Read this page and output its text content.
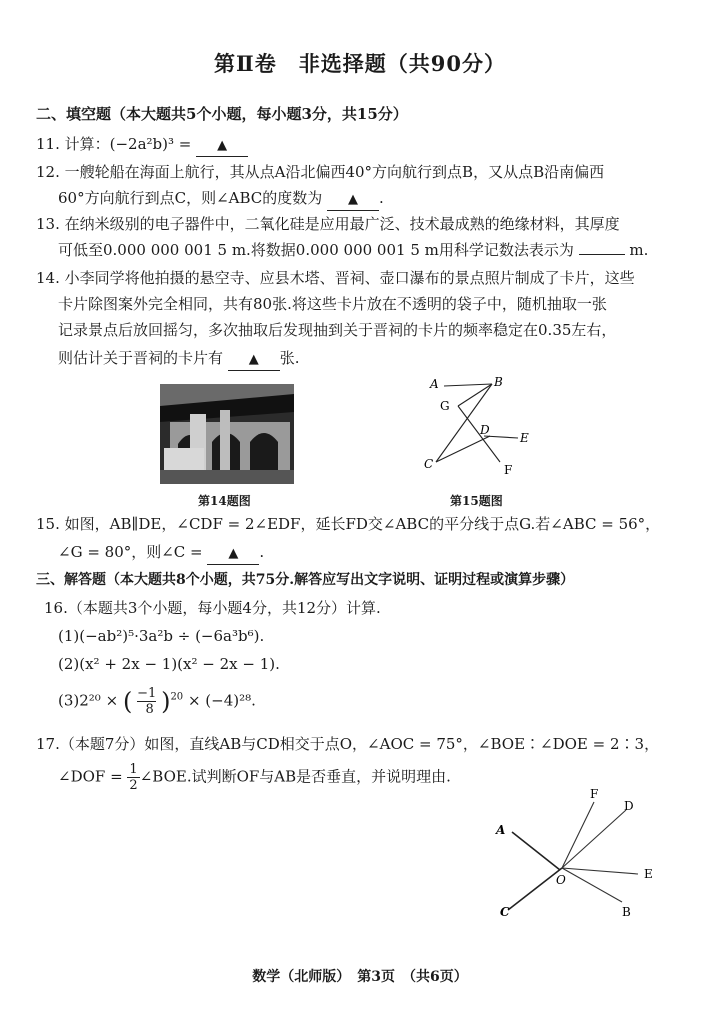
第Ⅱ卷　非选择题（共90分）
二、填空题（本大题共5个小题，每小题3分，共15分）
11. 计算：(−2a²b)³ = ▲
12. 一艘轮船在海面上航行，其从点A沿北偏西40°方向航行到点B，又从点B沿南偏西
60°方向航行到点C，则∠ABC的度数为 ▲ .
13. 在纳米级别的电子器件中，二氧化硅是应用最广泛、技术最成熟的绝缘材料，其厚度
可低至0.000 000 001 5 m.将数据0.000 000 001 5 m用科学记数法表示为	m.
14. 小李同学将他拍摄的悬空寺、应县木塔、晋祠、壶口瀑布的景点照片制成了卡片，这些
卡片除图案外完全相同，共有80张.将这些卡片放在不透明的袋子中，随机抽取一张
记录景点后放回摇匀，多次抽取后发现抽到关于晋祠的卡片的频率稳定在0.35左右，
则估计关于晋祠的卡片有 ▲ 张.
第14题图
A	B
G
D
E
C	F
第15题图
15. 如图，AB∥DE，∠CDF = 2∠EDF，延长FD交∠ABC的平分线于点G.若∠ABC = 56°，
∠G = 80°，则∠C = ▲ .
三、解答题（本大题共8个小题，共75分.解答应写出文字说明、证明过程或演算步骤）
16.（本题共3个小题，每小题4分，共12分）计算.
(1)(−ab²)⁵·3a²b ÷ (−6a³b⁶).
(2)(x² + 2x − 1)(x² − 2x − 1).
(3)2²⁰ × ( $\frac{-1}{8} )^{20} \times (-4)^{28}$.
17.（本题7分）如图，直线AB与CD相交于点O，∠AOC = 75°，∠BOE∶∠DOE = 2∶3，
∠DOF = $\frac{1}{2}$ ∠BOE.试判断OF与AB是否垂直，并说明理由.
A
F
D
E
B
O
C
数学（北师版）　第3页　（共6页）
